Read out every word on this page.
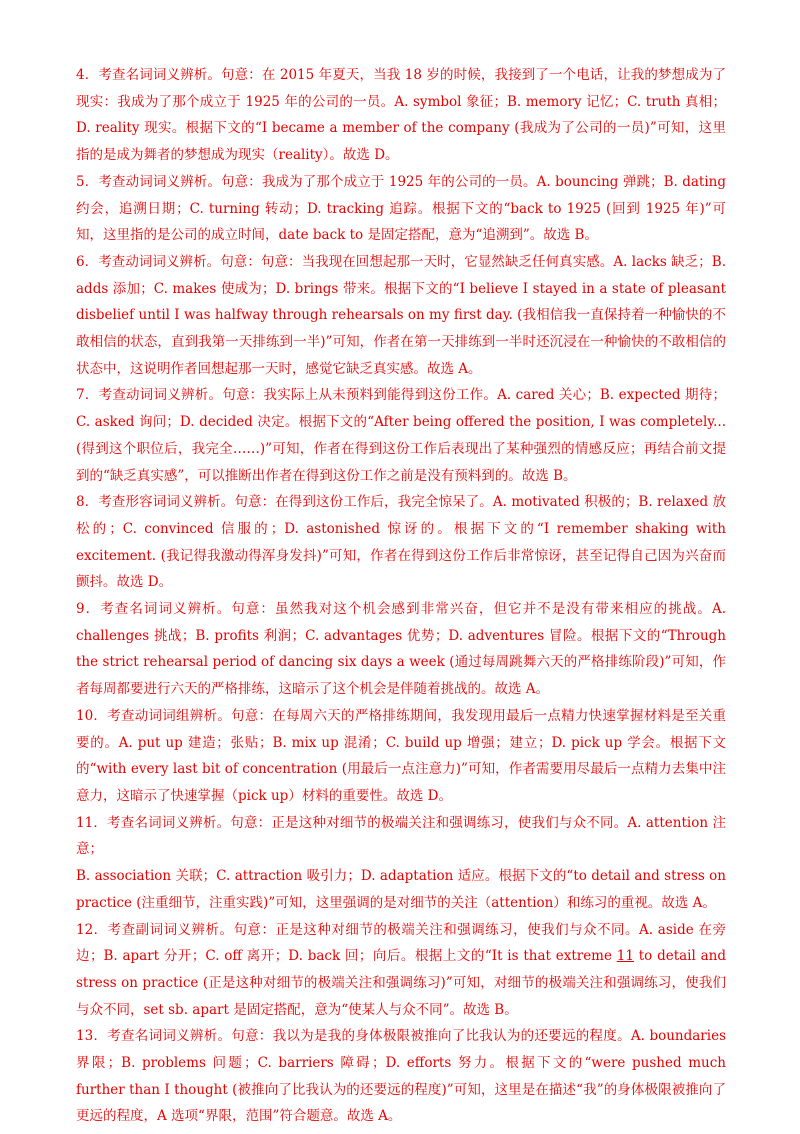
4．考查名词词义辨析。句意：在 2015 年夏天，当我 18 岁的时候，我接到了一个电话，让我的梦想成为了现实：我成为了那个成立于 1925 年的公司的一员。A. symbol 象征；B. memory 记忆；C. truth 真相；D. reality 现实。根据下文的“I became a member of the company (我成为了公司的一员)”可知，这里指的是成为舞者的梦想成为现实（reality）。故选 D。

5．考查动词词义辨析。句意：我成为了那个成立于 1925 年的公司的一员。A. bouncing 弹跳；B. dating 约会，追溯日期；C. turning 转动；D. tracking 追踪。根据下文的“back to 1925 (回到 1925 年)”可知，这里指的是公司的成立时间，date back to 是固定搭配，意为“追溯到”。故选 B。

6．考查动词词义辨析。句意：句意：当我现在回想起那一天时，它显然缺乏任何真实感。A. lacks 缺乏；B. adds 添加；C. makes 使成为；D. brings 带来。根据下文的“I believe I stayed in a state of pleasant disbelief until I was halfway through rehearsals on my first day. (我相信我一直保持着一种愉快的不敢相信的状态，直到我第一天排练到一半)”可知，作者在第一天排练到一半时还沉浸在一种愉快的不敢相信的状态中，这说明作者回想起那一天时，感觉它缺乏真实感。故选 A。

7．考查动词词义辨析。句意：我实际上从未预料到能得到这份工作。A. cared 关心；B. expected 期待；C. asked 询问；D. decided 决定。根据下文的“After being offered the position, I was completely... (得到这个职位后，我完全……)”可知，作者在得到这份工作后表现出了某种强烈的情感反应；再结合前文提到的“缺乏真实感”，可以推断出作者在得到这份工作之前是没有预料到的。故选 B。

8．考查形容词词义辨析。句意：在得到这份工作后，我完全惊呆了。A. motivated 积极的；B. relaxed 放松的；C. convinced 信服的；D. astonished 惊讶的。根据下文的“I remember shaking with excitement. (我记得我激动得浑身发抖)”可知，作者在得到这份工作后非常惊讶，甚至记得自己因为兴奋而颤抖。故选 D。

9．考查名词词义辨析。句意：虽然我对这个机会感到非常兴奋，但它并不是没有带来相应的挑战。A. challenges 挑战；B. profits 利润；C. advantages 优势；D. adventures 冒险。根据下文的“Through the strict rehearsal period of dancing six days a week (通过每周跳舞六天的严格排练阶段)”可知，作者每周都要进行六天的严格排练，这暗示了这个机会是伴随着挑战的。故选 A。

10．考查动词词组辨析。句意：在每周六天的严格排练期间，我发现用最后一点精力快速掌握材料是至关重要的。A. put up 建造；张贴；B. mix up 混淆；C. build up 增强；建立；D. pick up 学会。根据下文的“with every last bit of concentration (用最后一点注意力)”可知，作者需要用尽最后一点精力去集中注意力，这暗示了快速掌握（pick up）材料的重要性。故选 D。

11．考查名词词义辨析。句意：正是这种对细节的极端关注和强调练习，使我们与众不同。A. attention 注意；

B. association 关联；C. attraction 吸引力；D. adaptation 适应。根据下文的“to detail and stress on practice (注重细节，注重实践)”可知，这里强调的是对细节的关注（attention）和练习的重视。故选 A。

12．考查副词词义辨析。句意：正是这种对细节的极端关注和强调练习，使我们与众不同。A. aside 在旁边；B. apart 分开；C. off 离开；D. back 回；向后。根据上文的“It is that extreme 11 to detail and stress on practice (正是这种对细节的极端关注和强调练习)”可知，对细节的极端关注和强调练习，使我们与众不同，set sb. apart 是固定搭配，意为“使某人与众不同”。故选 B。

13．考查名词词义辨析。句意：我以为是我的身体极限被推向了比我认为的还要远的程度。A. boundaries 界限；B. problems 问题；C. barriers 障碍；D. efforts 努力。根据下文的“were pushed much further than I thought (被推向了比我认为的还要远的程度)”可知，这里是在描述“我”的身体极限被推向了更远的程度，A 选项“界限，范围”符合题意。故选 A。
